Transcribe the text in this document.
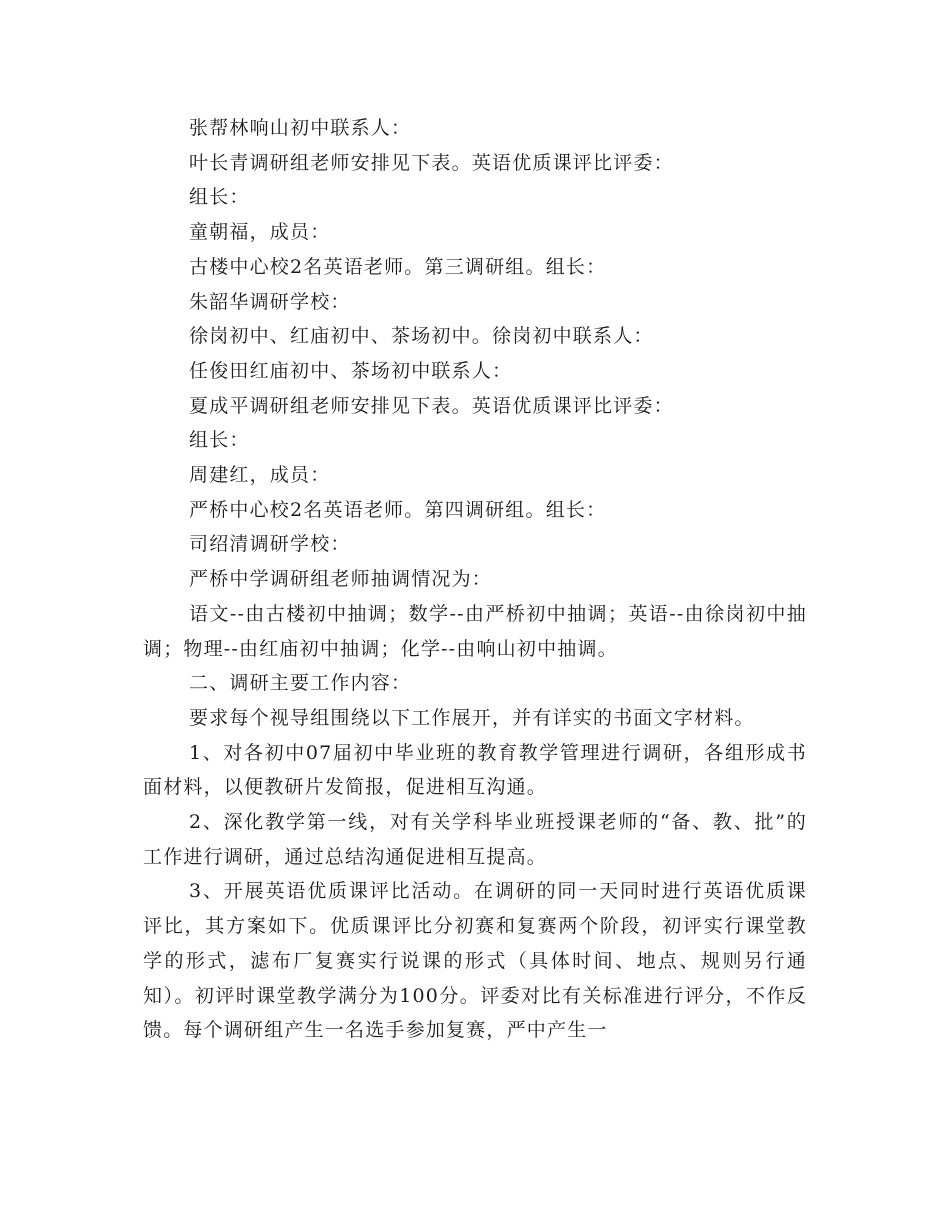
张帮林响山初中联系人：

叶长青调研组老师安排见下表。英语优质课评比评委：

组长：

童朝福，成员：

古楼中心校2名英语老师。第三调研组。组长：

朱韶华调研学校：

徐岗初中、红庙初中、茶场初中。徐岗初中联系人：

任俊田红庙初中、茶场初中联系人：

夏成平调研组老师安排见下表。英语优质课评比评委：

组长：

周建红，成员：

严桥中心校2名英语老师。第四调研组。组长：

司绍清调研学校：

严桥中学调研组老师抽调情况为：

语文--由古楼初中抽调；数学--由严桥初中抽调；英语--由徐岗初中抽调；物理--由红庙初中抽调；化学--由响山初中抽调。

二、调研主要工作内容：

要求每个视导组围绕以下工作展开，并有详实的书面文字材料。

1、对各初中07届初中毕业班的教育教学管理进行调研，各组形成书面材料，以便教研片发简报，促进相互沟通。

2、深化教学第一线，对有关学科毕业班授课老师的“备、教、批”的工作进行调研，通过总结沟通促进相互提高。

3、开展英语优质课评比活动。在调研的同一天同时进行英语优质课评比，其方案如下。优质课评比分初赛和复赛两个阶段，初评实行课堂教学的形式，滤布厂复赛实行说课的形式（具体时间、地点、规则另行通知）。初评时课堂教学满分为100分。评委对比有关标准进行评分，不作反馈。每个调研组产生一名选手参加复赛，严中产生一
